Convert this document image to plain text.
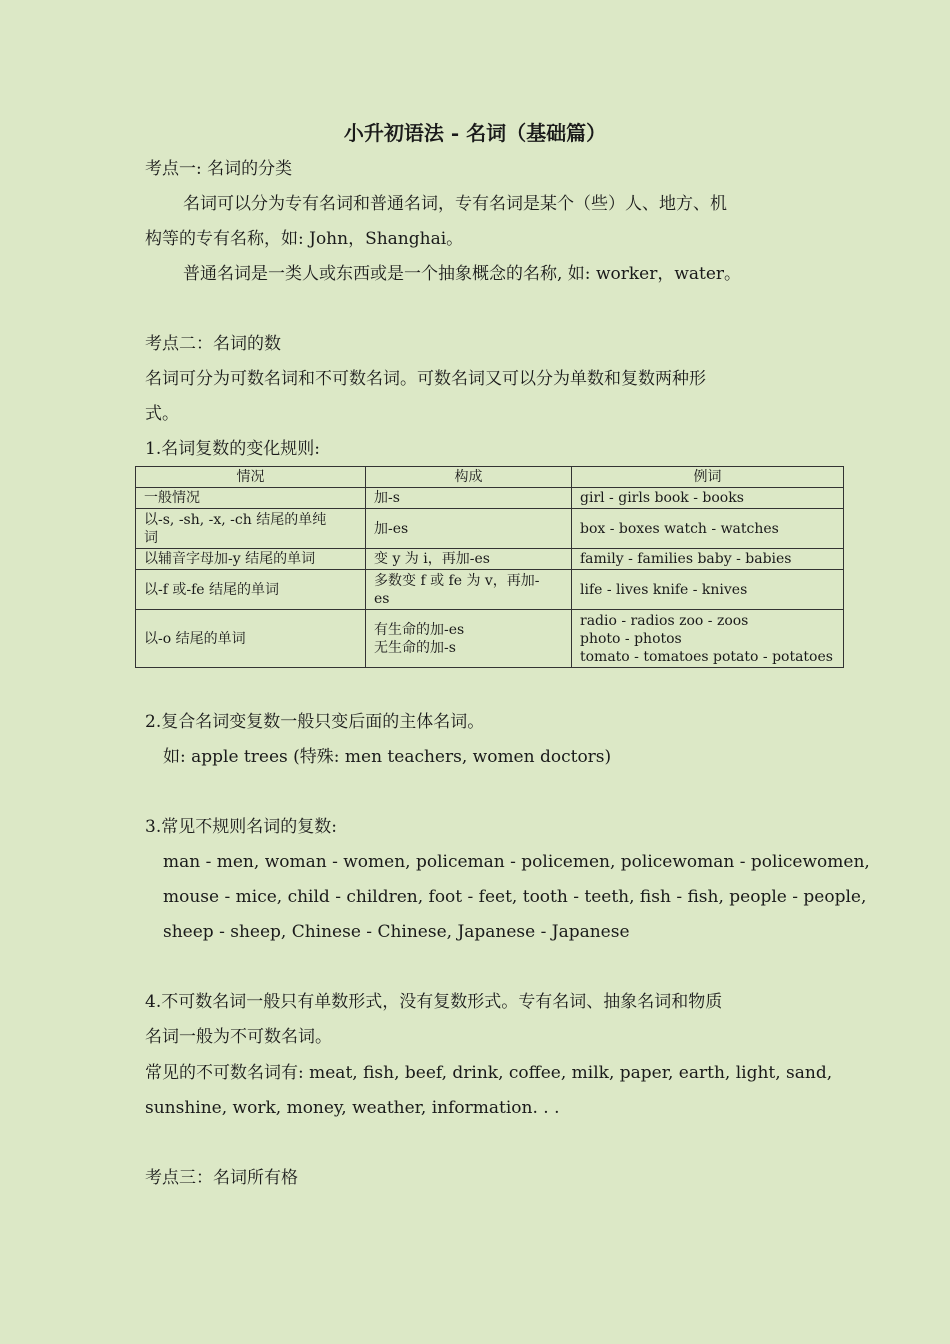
小升初语法 - 名词（基础篇）
考点一: 名词的分类
名词可以分为专有名词和普通名词，专有名词是某个（些）人、地方、机
构等的专有名称，如: John，Shanghai。
普通名词是一类人或东西或是一个抽象概念的名称, 如: worker，water。
考点二：名词的数
名词可分为可数名词和不可数名词。可数名词又可以分为单数和复数两种形
式。
1.名词复数的变化规则:
情况	构成	例词

一般情况	加-s	girl - girls book - books

以-s, -sh, -x, -ch 结尾的单纯
词	加-es	box - boxes watch - watches

以辅音字母加-y 结尾的单词	变 y 为 i，再加-es	family - families baby - babies

以-f 或-fe 结尾的单词	多数变 f 或 fe 为 v，再加-
es	life - lives knife - knives

以-o 结尾的单词	有生命的加-es
无生命的加-s	radio - radios zoo - zoos
photo - photos
tomato - tomatoes potato - potatoes
2.复合名词变复数一般只变后面的主体名词。
如: apple trees (特殊: men teachers, women doctors)
3.常见不规则名词的复数:
man - men, woman - women, policeman - policemen, policewoman - policewomen,
mouse - mice, child - children, foot - feet, tooth - teeth, fish - fish, people - people,
sheep - sheep, Chinese - Chinese, Japanese - Japanese
4.不可数名词一般只有单数形式，没有复数形式。专有名词、抽象名词和物质
名词一般为不可数名词。
常见的不可数名词有: meat, fish, beef, drink, coffee, milk, paper, earth, light, sand,
sunshine, work, money, weather, information. . .
考点三：名词所有格
